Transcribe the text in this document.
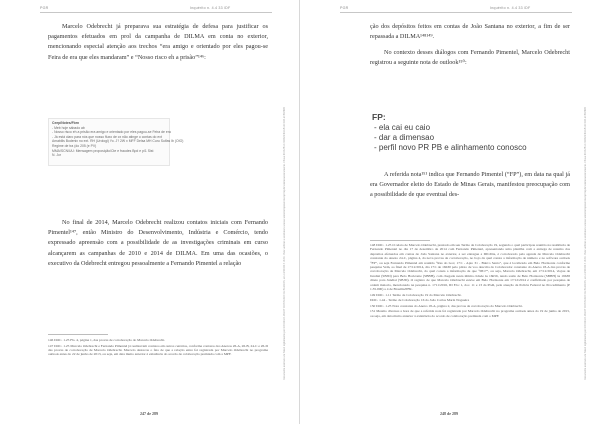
PGR	Inquérito n. 4.4 33 /DF

Marcelo Odebrecht já preparava sua estratégia de defesa para justificar os pagamentos efetuados em prol da campanha de DILMA em conta no exterior, mencionando especial atenção aos trechos “era amigo e orientado por eles pagou-se Feira de era que eles mandaram” e “Nosso risco eh a prisão”¹⁴⁶:

Ceep/Notes/Fbrn
- Meb hoje sábado ab
- Nosso risco eh a prisão era amigo e orientado por eles pagou-se Feira de era
- Já está claro para nós que nosso fluxo de cx não atinge o contas do ext
Amabilis Bodenix no ext. RH (Urologi) Yo. J? 2W x MFF Delsa MH Curu Sulfas Ib (OIO)
Regime de tra (do 205 (e PV)
MMA/SCN/UU: Mensagem proposição/Cte e fraudes Bpd e p/1 Sist
N. Jor

No final de 2014, Marcelo Odebrecht realizou contatos iniciais com Fernando Pimentel¹⁴⁷, então Ministro do Desenvolvimento, Indústria e Comércio, tendo expressado apreensão com a possibilidade de as investigações criminais em curso alcançarem as campanhas de 2010 e 2014 de DILMA. Em uma das ocasiões, o executivo da Odebrecht entregou pessoalmente a Fernando Pimentel a relação

146 DOC. 1.25 Fls. 4, página 1, das provas de corroboração do Marcelo Odebrecht.
147 DOC. 1.25 Marcelo Odebrecht e Fernando Pimentel já realizavam contatos em outros cenários, conforme contatos dos Anexos 26-A, 26-B, 24-C e 26-D das provas de corroboração de Marcelo Odebrecht. Marcelo destacou o fato de que a relação entre foi registrada por Marcelo Odebrecht no programa outlook antes do 22 de junho de 2013, ou seja, em data muito anterior à existência do acordo de colaboração premiada com a MPF.
247 de 289
Documento assinado via Token digitalmente por RODRIGO JANOT MONTEIRO DE BARROS, em 13/03/2017 18:34. Para verificar a assinatura acesse www.transparencia.mpf.mp.br/validacaodocumento. Chave 8F2A7B1C.4D9E3F60.AB12CD34.EF567890
PGR	Inquérito n. 4.4 33 /DF

ção dos depósitos feitos em contas de João Santana no exterior, a fim de ser repassada a DILMA¹⁴⁸¹⁴⁹.

No contexto desses diálogos com Fernando Pimentel, Marcelo Odebrecht registrou a seguinte nota de outlook¹⁵⁰:

FP:
- ela cai eu caio
- dar a dimensao
- perfil novo PR PB e alinhamento conosco

A referida nota¹⁵¹ indica que Fernando Pimentel (“FP”), em data na qual já era Governador eleito do Estado de Minas Gerais, manifestou preocupação com a possibilidade de que eventual des-

148 DOC. 1.25 O relato de Marcelo Odebrecht, prestado em seu Termo de Colaboração 19, segundo o qual participou reunião na residência de Fernando Pimentel no dia 17 de dezembro de 2014 com Fernando Pimentel, apresentando uma planilha com a entrega de resumo dos depósitos efetuados em contas de João Santana no exterior, a ser entregue a DILMA, é corroborado pela agenda de Marcelo Odebrecht constante do Anexo 24-C, página 4, da nova provas de corroboração, no bojo da qual consta a informação de número e no software outlook “FP”, ou seja Fernando Pimentel em reunião “Res do Gov, 17/1 - Apto 31 - Bairro Santo”, que é localizado em Belo Horizonte conforme pesquisa Vem, ao final de 17/12/2014, dia 17/1 de 16h30 pelo piloto de voo descrita do Colaborador constante do Anexo 18-A das provas de corroboração de Marcelo Odebrecht, do qual consta a informação de que “0817”, ou seja, Marcelo Odebrecht, em 17/12/2014, viajou de Jundiaí (SBJD) para Belo Horizonte (SBBH), com chegada nesta última cidade às 16h56, tendo saído de Belo Horizonte (SBBH) às 19h38 direto para Jundiaí (SBJD). O registro de que Marcelo Odebrecht esteve em Belo Horizonte em 17/12/2014 é confirmado por pesquisa de ordem maioria, mencionado na pesquisa n. 1711/2016, ID Elo: 1, doc. 11 e 13 da PGR, pela atuação da Polícia Federal no Procedimento (P 1.35.000) a 4 de Brasília/PFR.
149 DOC. 1.11 Termo de Colaboração 19 do Marcelo Odebrecht.
DOC. 1.44 - Termo de Colaboração 16 do João Carlos Mariz Nogueira
150 DOC. 1.25 Nota constante do Anexo 18-A, página 2, das provas de corroboração do Marcelo Odebrecht.
151 Mesmo diversas a hora de que a referida nota foi registrada por Marcelo Odebrecht no programa outlook antes do 19 de junho de 2015, ou seja, em data muito anterior à existência do acordo de colaboração premiada com o MPF.
248 de 289
Documento assinado via Token digitalmente por RODRIGO JANOT MONTEIRO DE BARROS, em 13/03/2017 18:34. Para verificar a assinatura acesse www.transparencia.mpf.mp.br/validacaodocumento. Chave 8F2A7B1C.4D9E3F60.AB12CD34.EF567890
